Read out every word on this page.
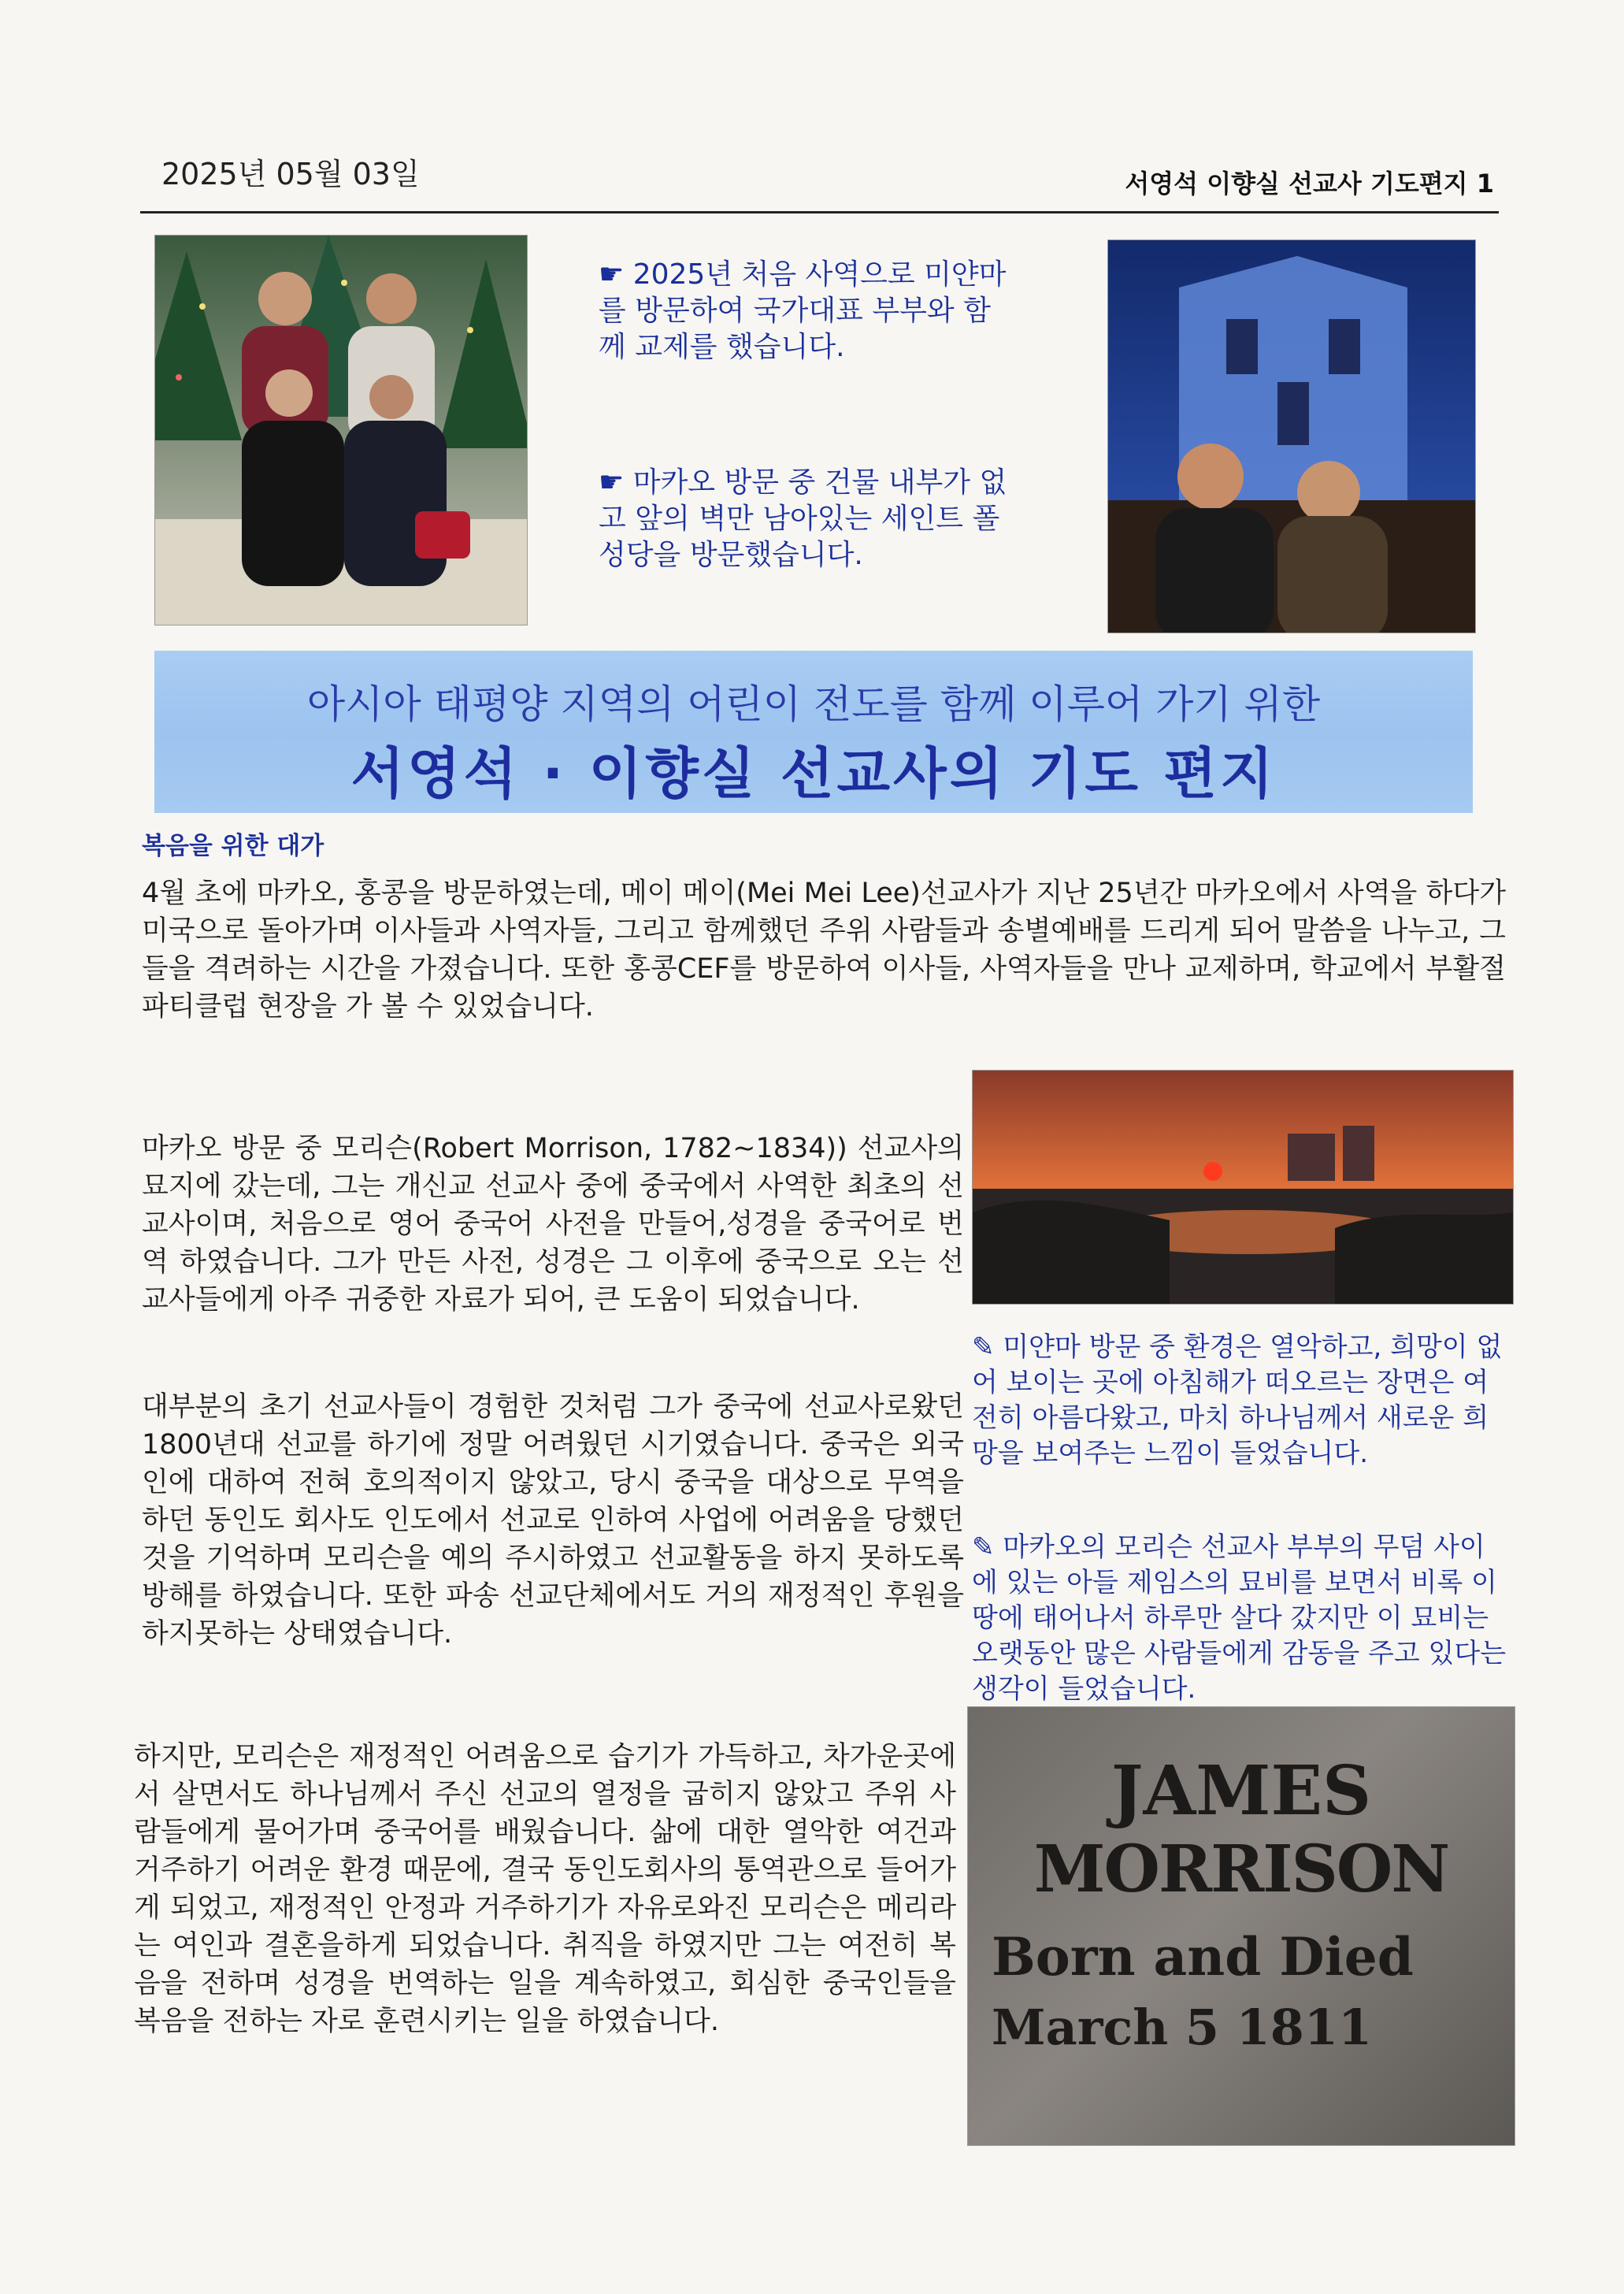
2025년 05월 03일	서영석 이향실 선교사 기도편지 1
☛ 2025년 처음 사역으로 미얀마를 방문하여 국가대표 부부와 함께 교제를 했습니다.
☛ 마카오 방문 중 건물 내부가 없고 앞의 벽만 남아있는 세인트 폴 성당을 방문했습니다.
아시아 태평양 지역의 어린이 전도를 함께 이루어 가기 위한
서영석 · 이향실 선교사의 기도 편지
복음을 위한 대가
4월 초에 마카오, 홍콩을 방문하였는데, 메이 메이(Mei Mei Lee)선교사가 지난 25년간 마카오에서 사역을 하다가 미국으로 돌아가며 이사들과 사역자들, 그리고 함께했던 주위 사람들과 송별예배를 드리게 되어 말씀을 나누고, 그들을 격려하는 시간을 가졌습니다. 또한 홍콩CEF를 방문하여 이사들, 사역자들을 만나 교제하며, 학교에서 부활절 파티클럽 현장을 가 볼 수 있었습니다.
마카오 방문 중 모리슨(Robert Morrison, 1782~1834)) 선교사의 묘지에 갔는데, 그는 개신교 선교사 중에 중국에서 사역한 최초의 선교사이며, 처음으로 영어 중국어 사전을 만들어,성경을 중국어로 번역 하였습니다. 그가 만든 사전, 성경은 그 이후에 중국으로 오는 선교사들에게 아주 귀중한 자료가 되어, 큰 도움이 되었습니다.
대부분의 초기 선교사들이 경험한 것처럼 그가 중국에 선교사로왔던 1800년대 선교를 하기에 정말 어려웠던 시기였습니다. 중국은 외국인에 대하여 전혀 호의적이지 않았고, 당시 중국을 대상으로 무역을 하던 동인도 회사도 인도에서 선교로 인하여 사업에 어려움을 당했던 것을 기억하며 모리슨을 예의 주시하였고 선교활동을 하지 못하도록 방해를 하였습니다. 또한 파송 선교단체에서도 거의 재정적인 후원을 하지못하는 상태였습니다.
하지만, 모리슨은 재정적인 어려움으로 습기가 가득하고, 차가운곳에서 살면서도 하나님께서 주신 선교의 열정을 굽히지 않았고 주위 사람들에게 물어가며 중국어를 배웠습니다. 삶에 대한 열악한 여건과 거주하기 어려운 환경 때문에, 결국 동인도회사의 통역관으로 들어가게 되었고, 재정적인 안정과 거주하기가 자유로와진 모리슨은 메리라는 여인과 결혼을하게 되었습니다. 취직을 하였지만 그는 여전히 복음을 전하며 성경을 번역하는 일을 계속하였고, 회심한 중국인들을 복음을 전하는 자로 훈련시키는 일을 하였습니다.
✎ 미얀마 방문 중 환경은 열악하고, 희망이 없어 보이는 곳에 아침해가 떠오르는 장면은 여전히 아름다왔고, 마치 하나님께서 새로운 희망을 보여주는 느낌이 들었습니다.
✎ 마카오의 모리슨 선교사 부부의 무덤 사이에 있는 아들 제임스의 묘비를 보면서 비록 이 땅에 태어나서 하루만 살다 갔지만 이 묘비는 오랫동안 많은 사람들에게 감동을 주고 있다는 생각이 들었습니다.
JAMES
MORRISON
Born and Died
March 5 1811
